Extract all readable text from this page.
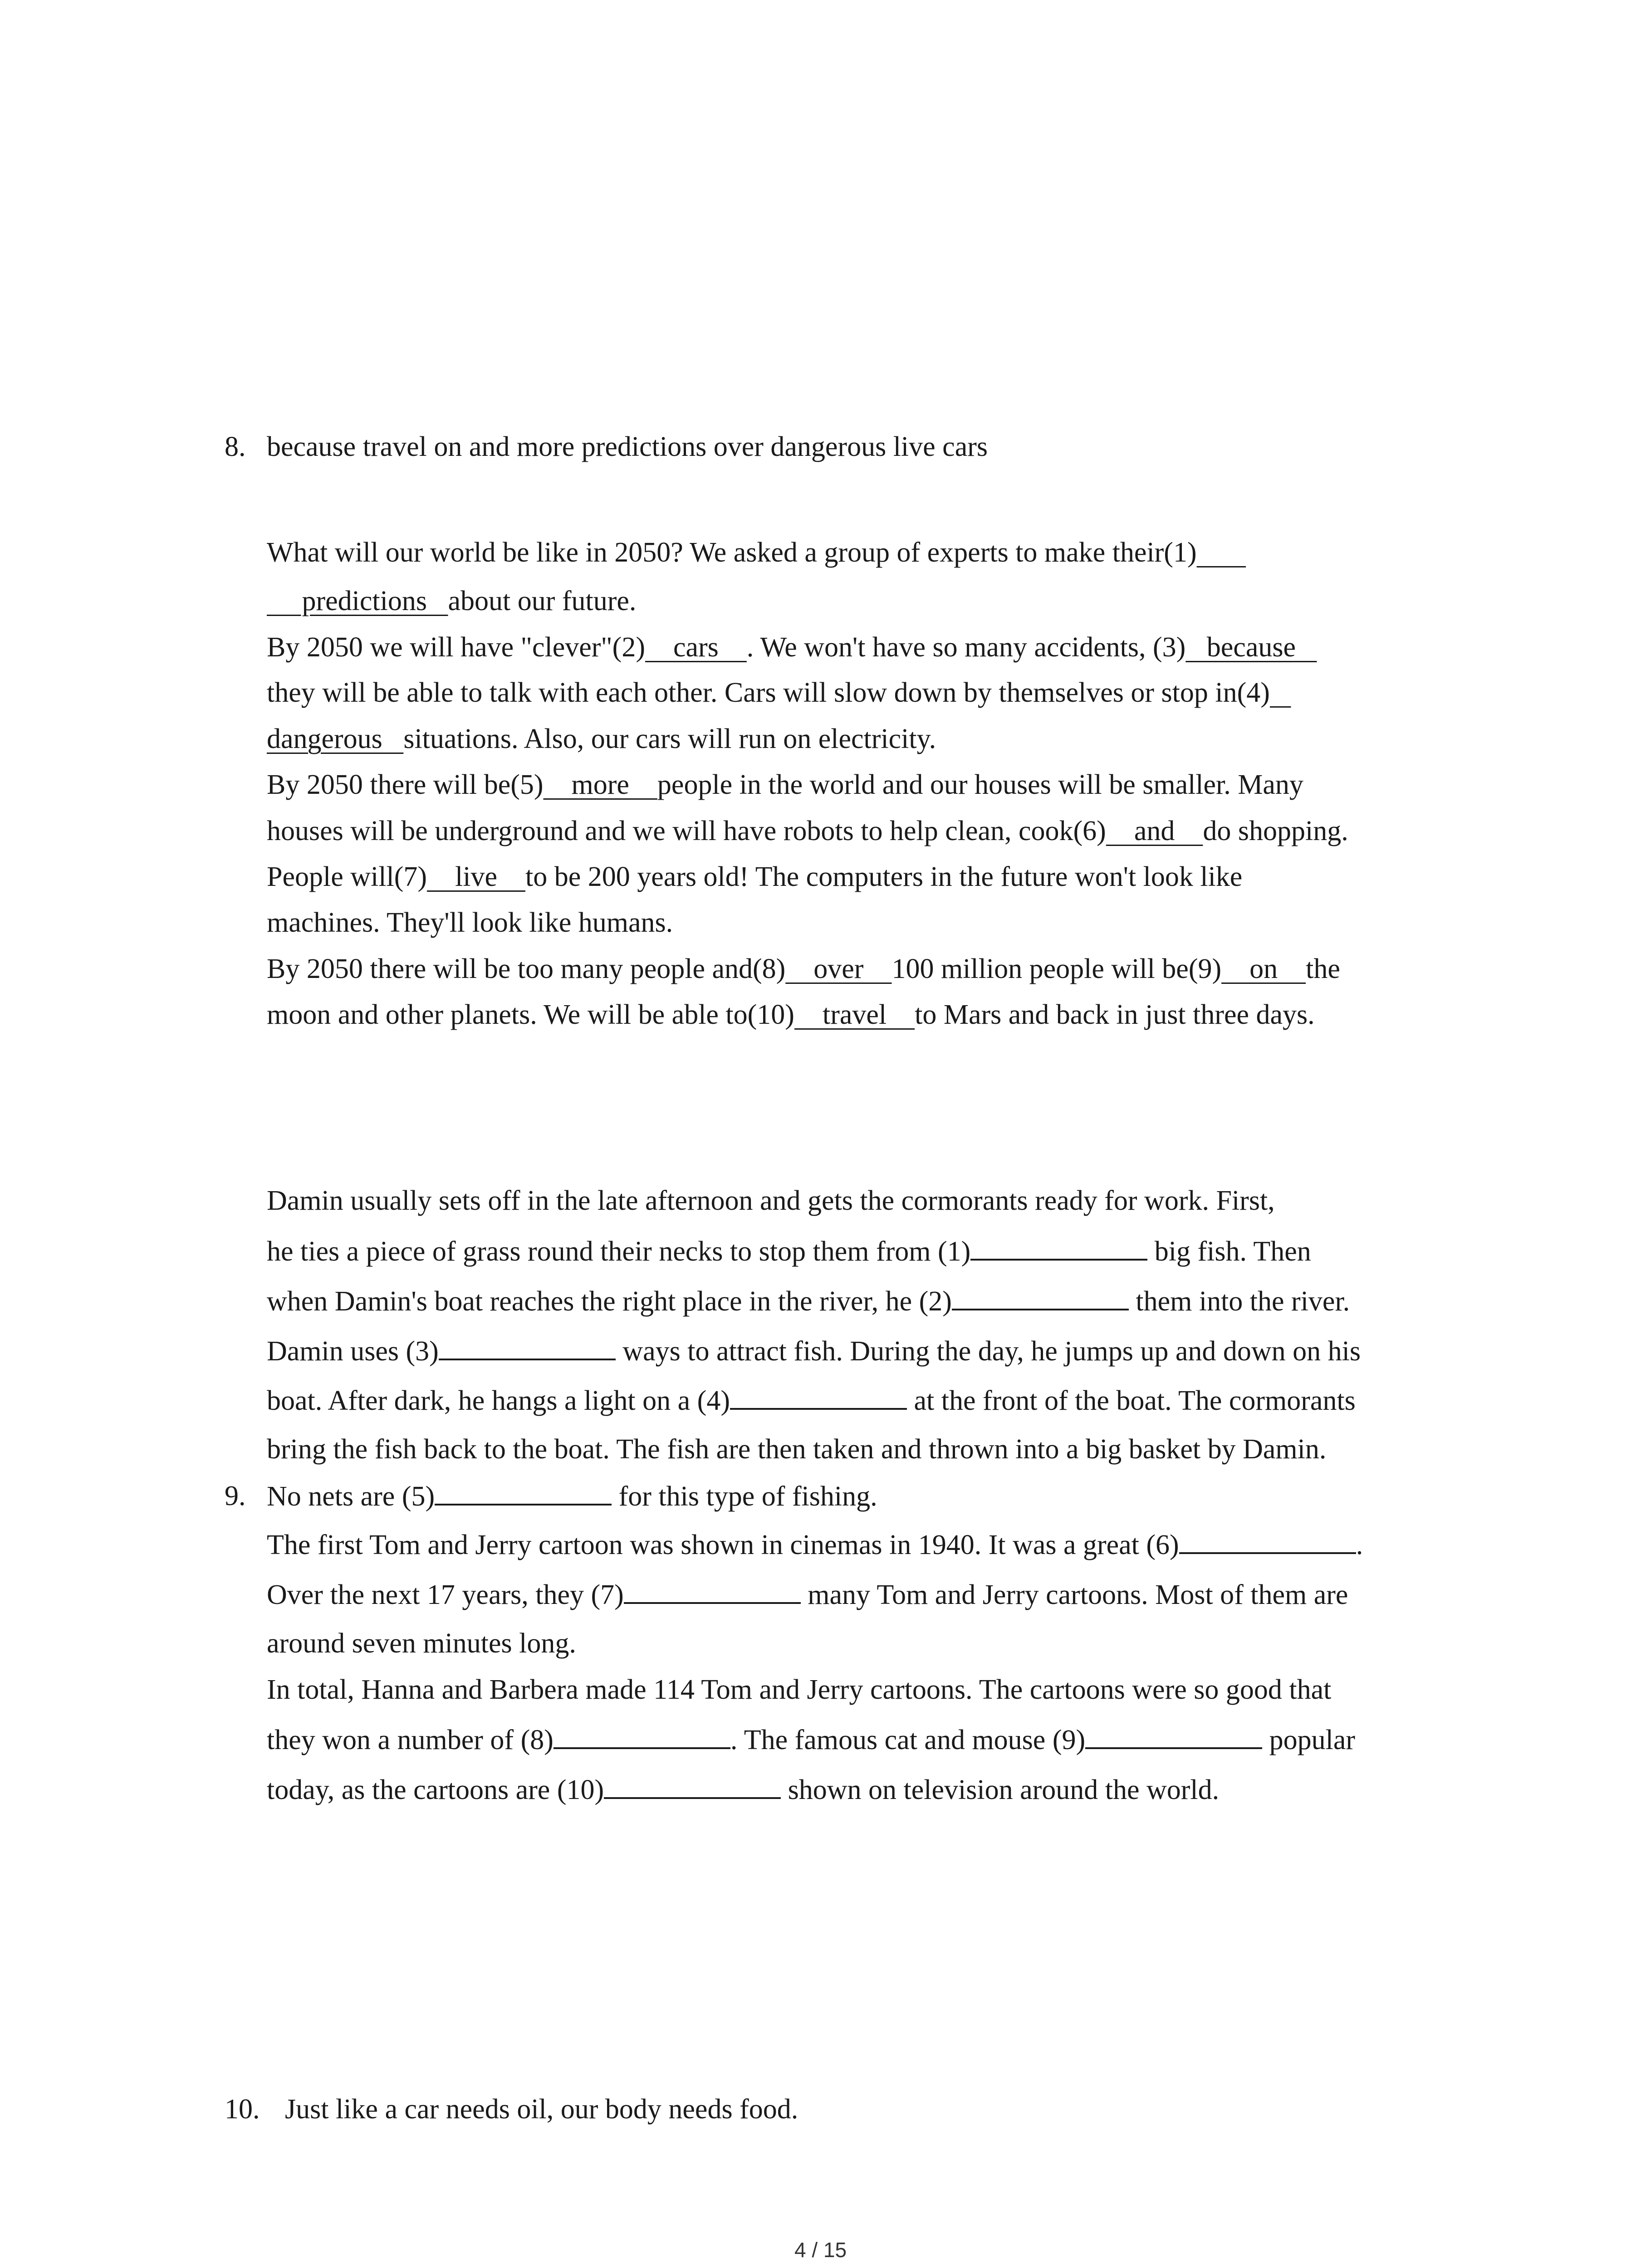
8. because travel on and more predictions over dangerous live cars
What will our world be like in 2050? We asked a group of experts to make their(1)
predictions   about our future.
By 2050 we will have "clever"(2)    cars    . We won't have so many accidents, (3)   because
they will be able to talk with each other. Cars will slow down by themselves or stop in(4)
dangerous   situations. Also, our cars will run on electricity.
By 2050 there will be(5)    more    people in the world and our houses will be smaller. Many
houses will be underground and we will have robots to help clean, cook(6)    and    do shopping.
People will(7)    live    to be 200 years old! The computers in the future won't look like
machines. They'll look like humans.
By 2050 there will be too many people and(8)    over    100 million people will be(9)    on    the
moon and other planets. We will be able to(10)    travel    to Mars and back in just three days.
9.
Damin usually sets off in the late afternoon and gets the cormorants ready for work. First,
he ties a piece of grass round their necks to stop them from (1)	big fish. Then
when Damin's boat reaches the right place in the river, he (2)	them into the river.
Damin uses (3)	ways to attract fish. During the day, he jumps up and down on his
boat. After dark, he hangs a light on a (4)	at the front of the boat. The cormorants
bring the fish back to the boat. The fish are then taken and thrown into a big basket by Damin.
No nets are (5)	for this type of fishing.
The first Tom and Jerry cartoon was shown in cinemas in 1940. It was a great (6)	.
Over the next 17 years, they (7)	many Tom and Jerry cartoons. Most of them are
around seven minutes long.
In total, Hanna and Barbera made 114 Tom and Jerry cartoons. The cartoons were so good that
they won a number of (8)	. The famous cat and mouse (9)	popular
today, as the cartoons are (10)	shown on television around the world.
10. Just like a car needs oil, our body needs food.
4 / 15
